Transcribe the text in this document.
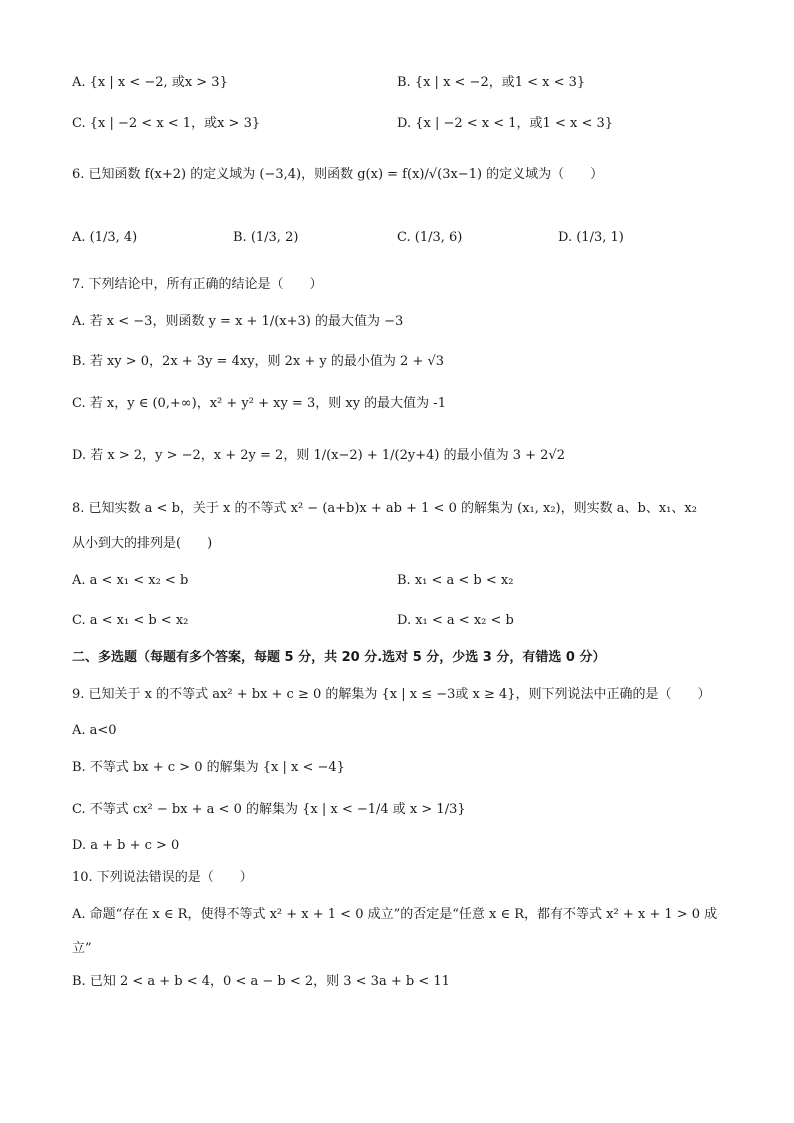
A. {x | x < −2, 或x > 3}	B. {x | x < −2，或1 < x < 3}
C. {x | −2 < x < 1，或x > 3}	D. {x | −2 < x < 1，或1 < x < 3}
6. 已知函数 f(x+2) 的定义域为 (−3,4)，则函数 g(x) = f(x)/√(3x−1) 的定义域为（　　）
A. (1/3, 4)	B. (1/3, 2)	C. (1/3, 6)	D. (1/3, 1)
7. 下列结论中，所有正确的结论是（　　）
A. 若 x < −3，则函数 y = x + 1/(x+3) 的最大值为 −3
B. 若 xy > 0，2x + 3y = 4xy，则 2x + y 的最小值为 2 + √3
C. 若 x，y ∈ (0,+∞)，x² + y² + xy = 3，则 xy 的最大值为 -1
D. 若 x > 2，y > −2，x + 2y = 2，则 1/(x−2) + 1/(2y+4) 的最小值为 3 + 2√2
8. 已知实数 a < b，关于 x 的不等式 x² − (a+b)x + ab + 1 < 0 的解集为 (x₁, x₂)，则实数 a、b、x₁、x₂
从小到大的排列是(　　)
A. a < x₁ < x₂ < b	B. x₁ < a < b < x₂
C. a < x₁ < b < x₂	D. x₁ < a < x₂ < b
二、多选题（每题有多个答案，每题 5 分，共 20 分.选对 5 分，少选 3 分，有错选 0 分）
9. 已知关于 x 的不等式 ax² + bx + c ≥ 0 的解集为 {x | x ≤ −3或 x ≥ 4}，则下列说法中正确的是（　　）
A. a<0
B. 不等式 bx + c > 0 的解集为 {x | x < −4}
C. 不等式 cx² − bx + a < 0 的解集为 {x | x < −1/4 或 x > 1/3}
D. a + b + c > 0
10. 下列说法错误的是（　　）
A. 命题“存在 x ∈ R，使得不等式 x² + x + 1 < 0 成立”的否定是“任意 x ∈ R，都有不等式 x² + x + 1 > 0 成
立”
B. 已知 2 < a + b < 4，0 < a − b < 2，则 3 < 3a + b < 11
